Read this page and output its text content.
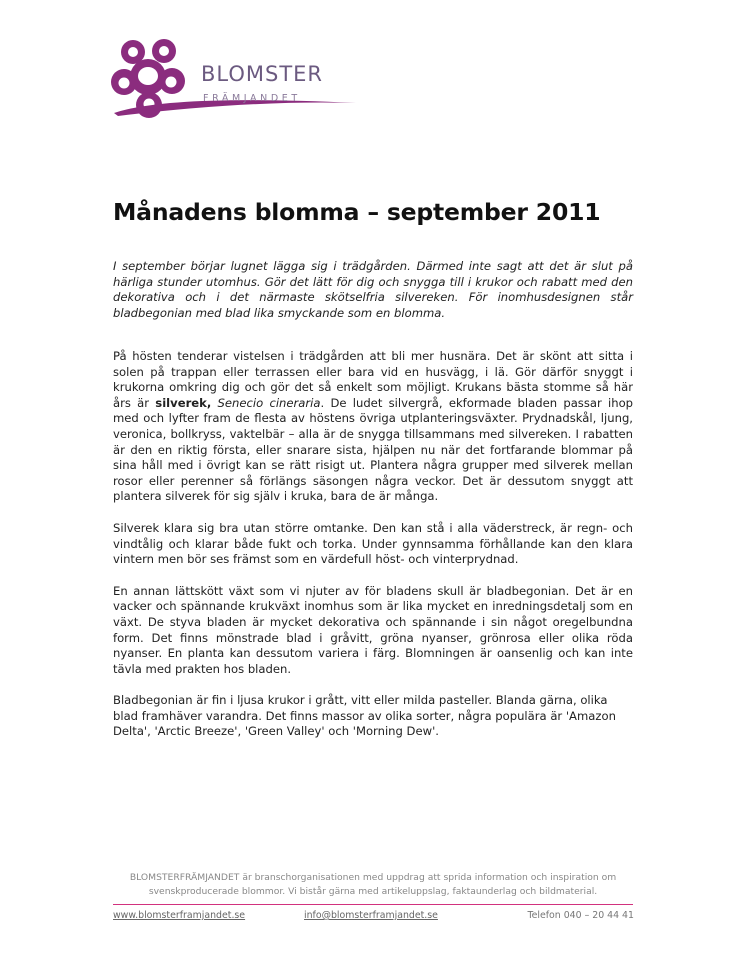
BLOMSTER
FRÄMJANDET
Månadens blomma – september 2011

I september börjar lugnet lägga sig i trädgården. Därmed inte sagt att det är slut på härliga stunder utomhus. Gör det lätt för dig och snygga till i krukor och rabatt med den dekorativa och i det närmaste skötselfria silvereken. För inomhusdesignen står bladbegonian med blad lika smyckande som en blomma.

På hösten tenderar vistelsen i trädgården att bli mer husnära. Det är skönt att sitta i solen på trappan eller terrassen eller bara vid en husvägg, i lä. Gör därför snyggt i krukorna omkring dig och gör det så enkelt som möjligt. Krukans bästa stomme så här års är silverek, Senecio cineraria. De ludet silvergrå, ekformade bladen passar ihop med och lyfter fram de flesta av höstens övriga utplanteringsväxter. Prydnadskål, ljung, veronica, bollkryss, vaktelbär – alla är de snygga tillsammans med silvereken. I rabatten är den en riktig första, eller snarare sista, hjälpen nu när det fortfarande blommar på sina håll med i övrigt kan se rätt risigt ut. Plantera några grupper med silverek mellan rosor eller perenner så förlängs säsongen några veckor. Det är dessutom snyggt att plantera silverek för sig själv i kruka, bara de är många.

Silverek klara sig bra utan större omtanke. Den kan stå i alla väderstreck, är regn- och vindtålig och klarar både fukt och torka. Under gynnsamma förhållande kan den klara vintern men bör ses främst som en värdefull höst- och vinterprydnad.

En annan lättskött växt som vi njuter av för bladens skull är bladbegonian. Det är en vacker och spännande krukväxt inomhus som är lika mycket en inredningsdetalj som en växt. De styva bladen är mycket dekorativa och spännande i sin något oregelbundna form. Det finns mönstrade blad i gråvitt, gröna nyanser, grönrosa eller olika röda nyanser. En planta kan dessutom variera i färg. Blomningen är oansenlig och kan inte tävla med prakten hos bladen.

Bladbegonian är fin i ljusa krukor i grått, vitt eller milda pasteller. Blanda gärna, olika blad framhäver varandra. Det finns massor av olika sorter, några populära är 'Amazon Delta', 'Arctic Breeze', 'Green Valley' och 'Morning Dew'.

BLOMSTERFRÄMJANDET är branschorganisationen med uppdrag att sprida information och inspiration om svenskproducerade blommor. Vi bistår gärna med artikeluppslag, faktaunderlag och bildmaterial.

www.blomsterframjandet.se	info@blomsterframjandet.se	Telefon 040 – 20 44 41
